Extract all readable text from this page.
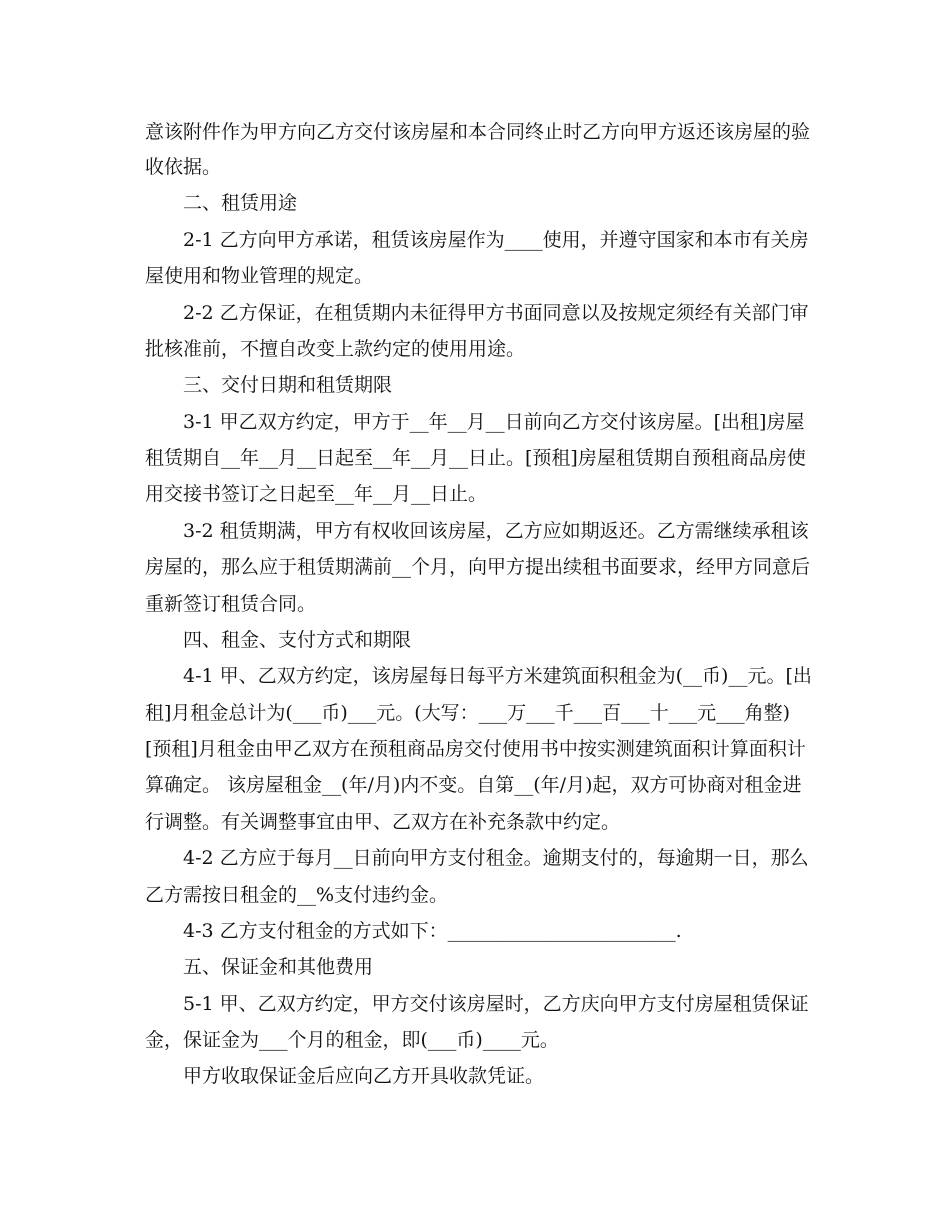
意该附件作为甲方向乙方交付该房屋和本合同终止时乙方向甲方返还该房屋的验
收依据。
二、租赁用途
2-1 乙方向甲方承诺，租赁该房屋作为____使用，并遵守国家和本市有关房
屋使用和物业管理的规定。
2-2 乙方保证，在租赁期内未征得甲方书面同意以及按规定须经有关部门审
批核准前，不擅自改变上款约定的使用用途。
三、交付日期和租赁期限
3-1 甲乙双方约定，甲方于__年__月__日前向乙方交付该房屋。[出租]房屋
租赁期自__年__月__日起至__年__月__日止。[预租]房屋租赁期自预租商品房使
用交接书签订之日起至__年__月__日止。
3-2 租赁期满，甲方有权收回该房屋，乙方应如期返还。乙方需继续承租该
房屋的，那么应于租赁期满前__个月，向甲方提出续租书面要求，经甲方同意后
重新签订租赁合同。
四、租金、支付方式和期限
4-1 甲、乙双方约定，该房屋每日每平方米建筑面积租金为(__币)__元。[出
租]月租金总计为(___币)___元。(大写：___万___千___百___十___元___角整)
[预租]月租金由甲乙双方在预租商品房交付使用书中按实测建筑面积计算面积计
算确定。 该房屋租金__(年/月)内不变。自第__(年/月)起，双方可协商对租金进
行调整。有关调整事宜由甲、乙双方在补充条款中约定。
4-2 乙方应于每月__日前向甲方支付租金。逾期支付的，每逾期一日，那么
乙方需按日租金的__%支付违约金。
4-3 乙方支付租金的方式如下：________________________.
五、保证金和其他费用
5-1 甲、乙双方约定，甲方交付该房屋时，乙方庆向甲方支付房屋租赁保证
金，保证金为___个月的租金，即(___币)____元。
甲方收取保证金后应向乙方开具收款凭证。
